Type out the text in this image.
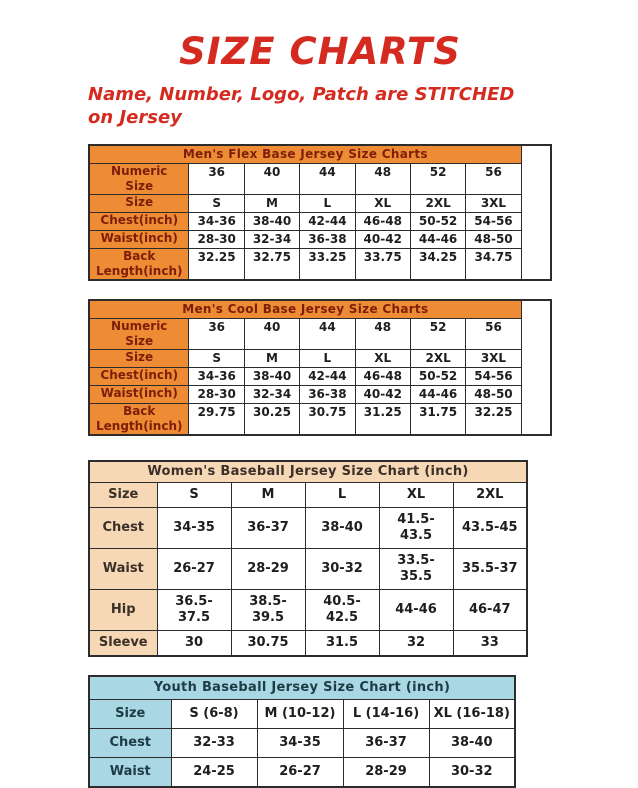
SIZE CHARTS

Name, Number, Logo, Patch are STITCHED on Jersey

Men's Flex Base Jersey Size Charts							
Numeric Size	36	40	44	48	52	56	
Size	S	M	L	XL	2XL	3XL	
Chest(inch)	34-36	38-40	42-44	46-48	50-52	54-56	
Waist(inch)	28-30	32-34	36-38	40-42	44-46	48-50	
Back Length(inch)	32.25	32.75	33.25	33.75	34.25	34.75	
Men's Cool Base Jersey Size Charts							
Numeric Size	36	40	44	48	52	56	
Size	S	M	L	XL	2XL	3XL	
Chest(inch)	34-36	38-40	42-44	46-48	50-52	54-56	
Waist(inch)	28-30	32-34	36-38	40-42	44-46	48-50	
Back Length(inch)	29.75	30.25	30.75	31.25	31.75	32.25	
Women's Baseball Jersey Size Chart (inch)					
Size	S	M	L	XL	2XL
Chest	34-35	36-37	38-40	41.5-43.5	43.5-45
Waist	26-27	28-29	30-32	33.5-35.5	35.5-37
Hip	36.5-37.5	38.5-39.5	40.5-42.5	44-46	46-47
Sleeve	30	30.75	31.5	32	33
Youth Baseball Jersey Size Chart (inch)				
Size	S (6-8)	M (10-12)	L (14-16)	XL (16-18)
Chest	32-33	34-35	36-37	38-40
Waist	24-25	26-27	28-29	30-32
